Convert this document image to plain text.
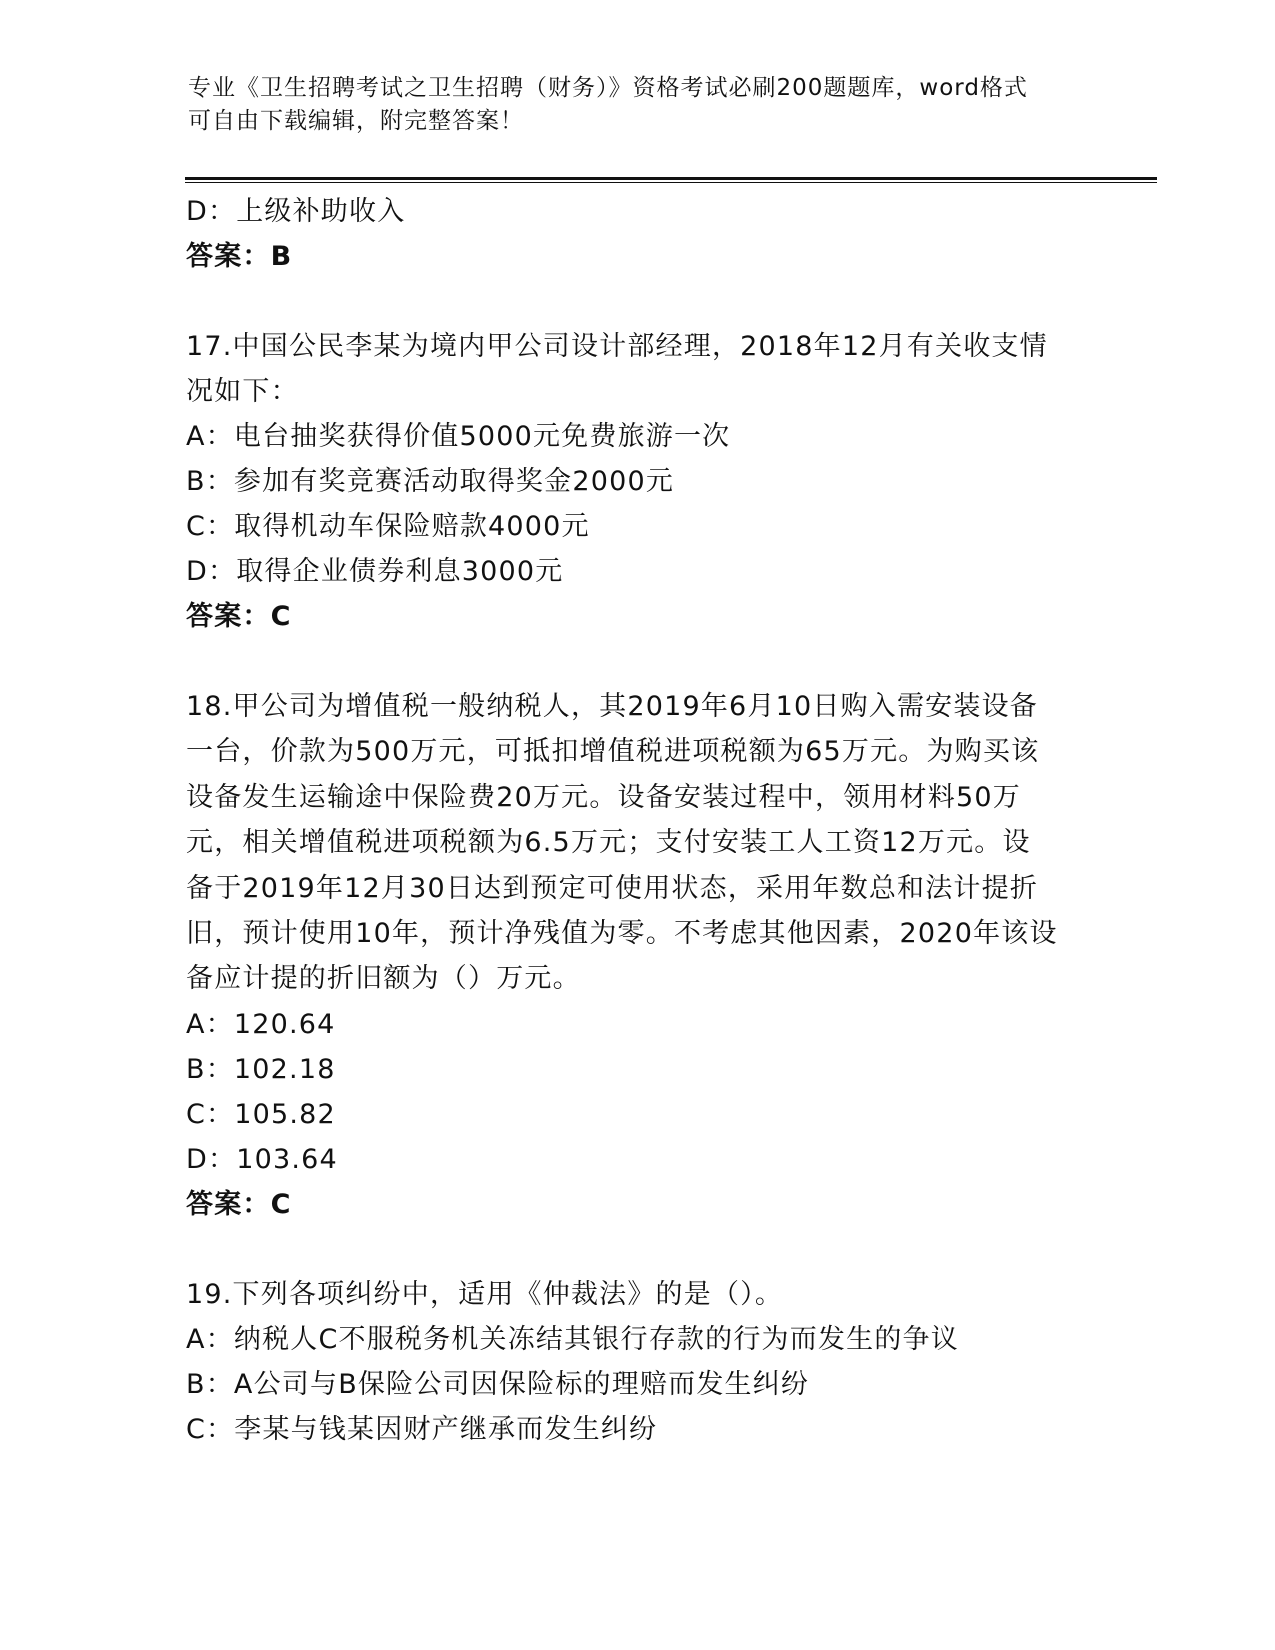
专业《卫生招聘考试之卫生招聘（财务）》资格考试必刷200题题库，word格式
可自由下载编辑，附完整答案！
D：上级补助收入
答案：B
17.中国公民李某为境内甲公司设计部经理，2018年12月有关收支情
况如下：
A：电台抽奖获得价值5000元免费旅游一次
B：参加有奖竞赛活动取得奖金2000元
C：取得机动车保险赔款4000元
D：取得企业债券利息3000元
答案：C
18.甲公司为增值税一般纳税人，其2019年6月10日购入需安装设备
一台，价款为500万元，可抵扣增值税进项税额为65万元。为购买该
设备发生运输途中保险费20万元。设备安装过程中，领用材料50万
元，相关增值税进项税额为6.5万元；支付安装工人工资12万元。设
备于2019年12月30日达到预定可使用状态，采用年数总和法计提折
旧，预计使用10年，预计净残值为零。不考虑其他因素，2020年该设
备应计提的折旧额为（）万元。
A：120.64
B：102.18
C：105.82
D：103.64
答案：C
19.下列各项纠纷中，适用《仲裁法》的是（）。
A：纳税人C不服税务机关冻结其银行存款的行为而发生的争议
B：A公司与B保险公司因保险标的理赔而发生纠纷
C：李某与钱某因财产继承而发生纠纷
